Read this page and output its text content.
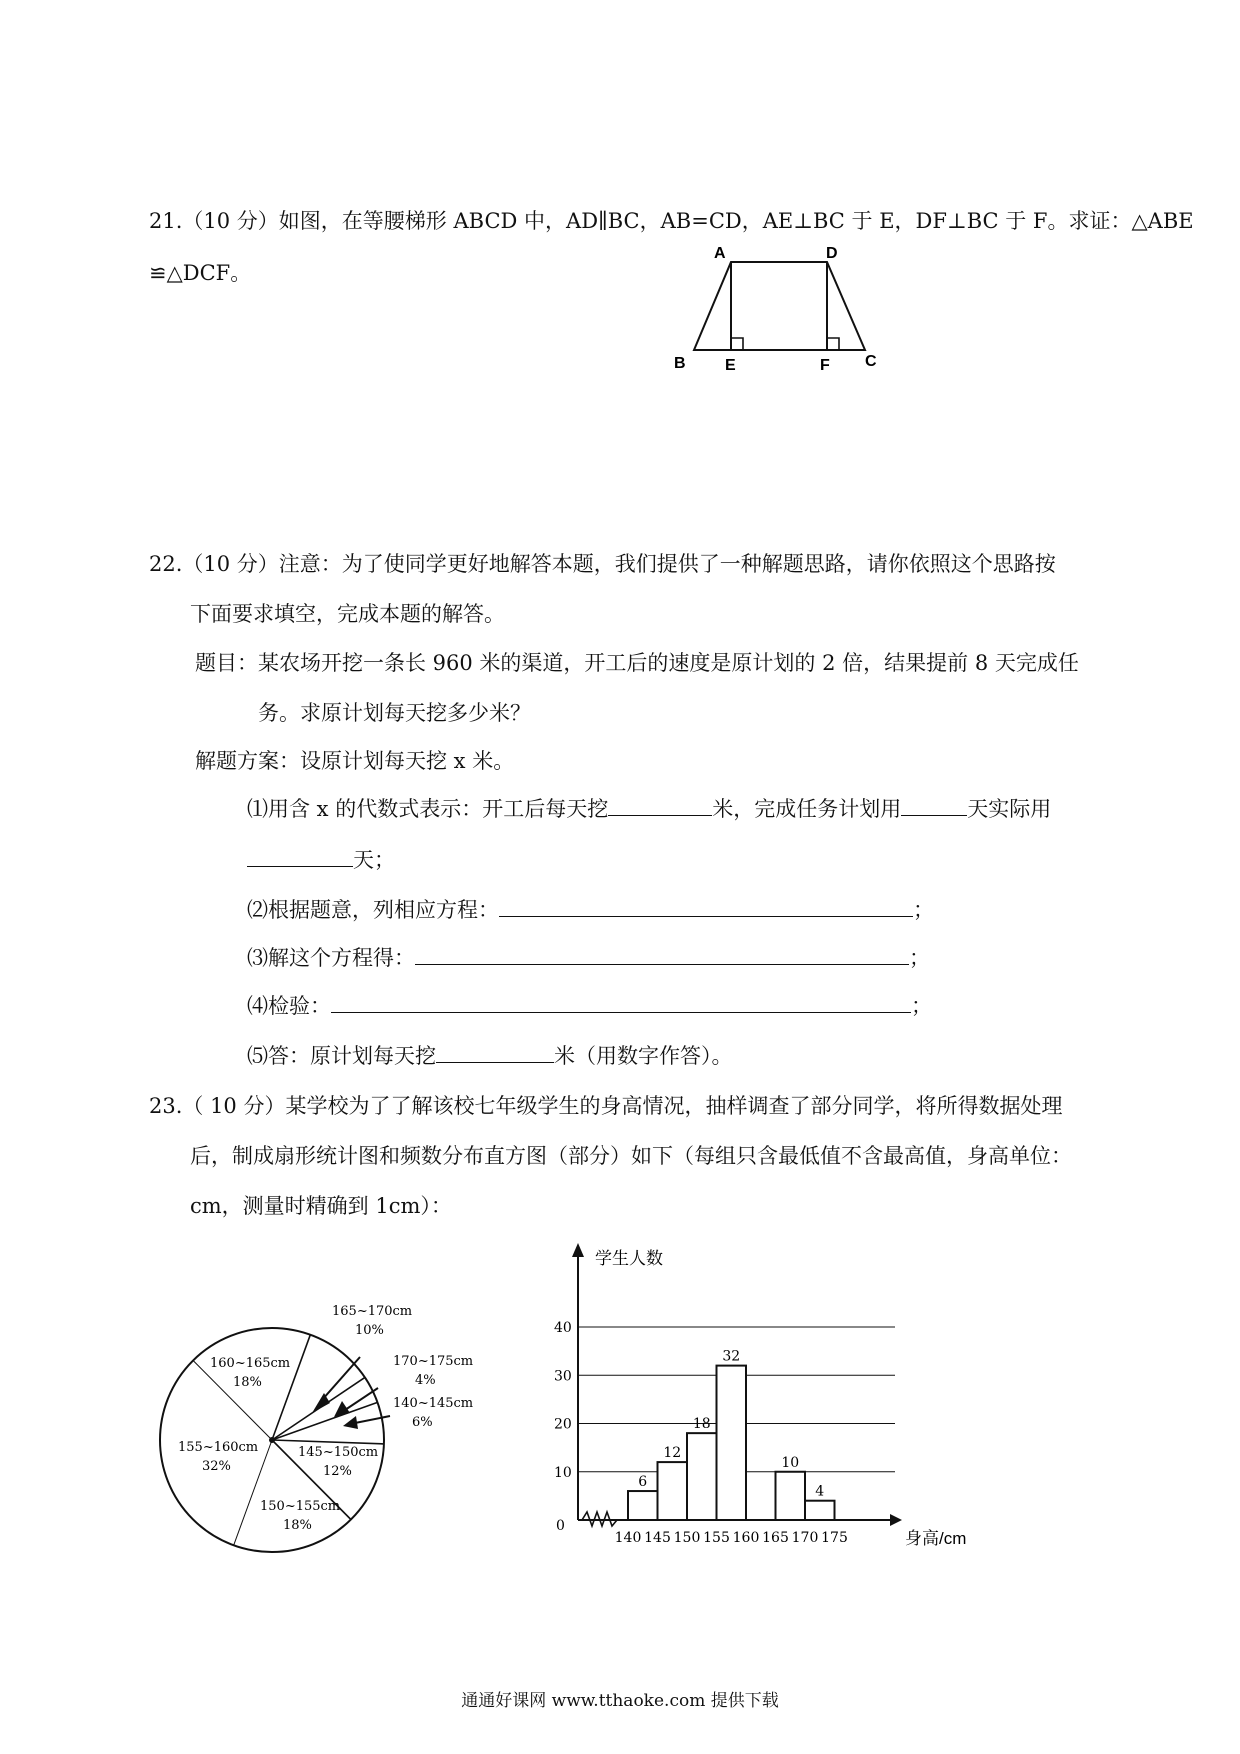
21.（10 分）如图，在等腰梯形 ABCD 中，AD∥BC，AB=CD，AE⊥BC 于 E，DF⊥BC 于 F。求证：△ABE
≌△DCF。
A	D
B E	F C
22.（10 分）注意：为了使同学更好地解答本题，我们提供了一种解题思路，请你依照这个思路按
下面要求填空，完成本题的解答。
题目：某农场开挖一条长 960 米的渠道，开工后的速度是原计划的 2 倍，结果提前 8 天完成任
务。求原计划每天挖多少米？
解题方案：设原计划每天挖 x 米。
⑴用含 x 的代数式表示：开工后每天挖	米，完成任务计划用	天实际用
天；
⑵根据题意，列相应方程：	；
⑶解这个方程得：	；
⑷检验：	；
⑸答：原计划每天挖	米（用数字作答）。
23.（ 10 分）某学校为了了解该校七年级学生的身高情况，抽样调查了部分同学，将所得数据处理
后，制成扇形统计图和频数分布直方图（部分）如下（每组只含最低值不含最高值，身高单位：
cm，测量时精确到 1cm）：
165~170cm
10%
170~175cm
4%
140~145cm
6%
145~150cm
12%
150~155cm
18%
155~160cm
32%
160~165cm
18%
10
20
30
40
0
6
12
18
32
10
4
140 145 150 155 160 165 170 175
学生人数
身高/cm
通通好课网 www.tthaoke.com 提供下载
